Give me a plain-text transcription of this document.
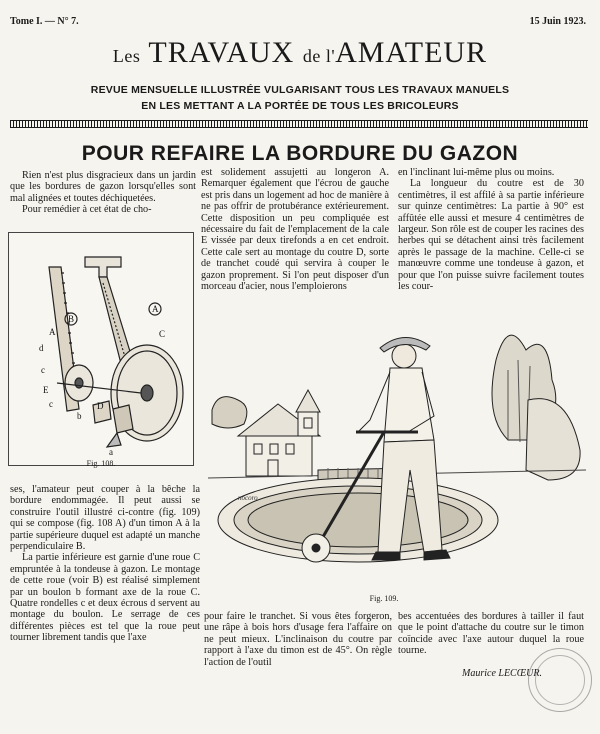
Tome I. — N° 7.	15 Juin 1923.
Les TRAVAUX de l'AMATEUR
REVUE MENSUELLE ILLUSTRÉE VULGARISANT TOUS LES TRAVAUX MANUELS
EN LES METTANT A LA PORTÉE DE TOUS LES BRICOLEURS
POUR REFAIRE LA BORDURE DU GAZON

Rien n'est plus disgracieux dans un jardin que les bordures de gazon lorsqu'elles sont mal alignées et toutes déchiquetées.

Pour remédier à cet état de cho-

B
A
A	C
d
E
D
c
b
c
a
Fig. 108.

ses, l'amateur peut couper à la bêche la bordure endommagée. Il peut aussi se construire l'outil illustré ci-contre (fig. 109) qui se compose (fig. 108 A) d'un timon A à la partie supérieure duquel est adapté un manche perpendiculaire B.

La partie inférieure est garnie d'une roue C empruntée à la tondeuse à gazon. Le montage de cette roue (voir B) est réalisé simplement par un boulon b formant axe de la roue C. Quatre rondelles c et deux écrous d servent au montage du boulon. Le serrage de ces différentes pièces est tel que la roue peut tourner librement tandis que l'axe

est solidement assujetti au longeron A. Remarquer également que l'écrou de gauche est pris dans un logement ad hoc de manière à ne pas offrir de protubérance extérieurement. Cette disposition un peu compliquée est nécessaire du fait de l'emplacement de la cale E vissée par deux tirefonds a en cet endroit. Cette cale sert au montage du coutre D, sorte de tranchet coudé qui servira à couper le gazon proprement. Si l'on peut disposer d'un morceau d'acier, nous l'emploierons

en l'inclinant lui-même plus ou moins.

La longueur du coutre est de 30 centimètres, il est affilé à sa partie inférieure sur quinze centimètres: La partie à 90° est affûtée elle aussi et mesure 4 centimètres de largeur. Son rôle est de couper les racines des herbes qui se détachent ainsi très facilement après le passage de la machine. Celle-ci se manœuvre comme une tondeuse à gazon, et pour que l'on puisse suivre facilement toutes les cour-

nocoro
Fig. 109.

pour faire le tranchet. Si vous êtes forgeron, une râpe à bois hors d'usage fera l'affaire on ne peut mieux. L'inclinaison du coutre par rapport à l'axe du timon est de 45°. On règle l'action de l'outil

bes accentuées des bordures à tailler il faut que le point d'attache du coutre sur le timon coïncide avec l'axe autour duquel la roue tourne.

Maurice LECŒUR.
